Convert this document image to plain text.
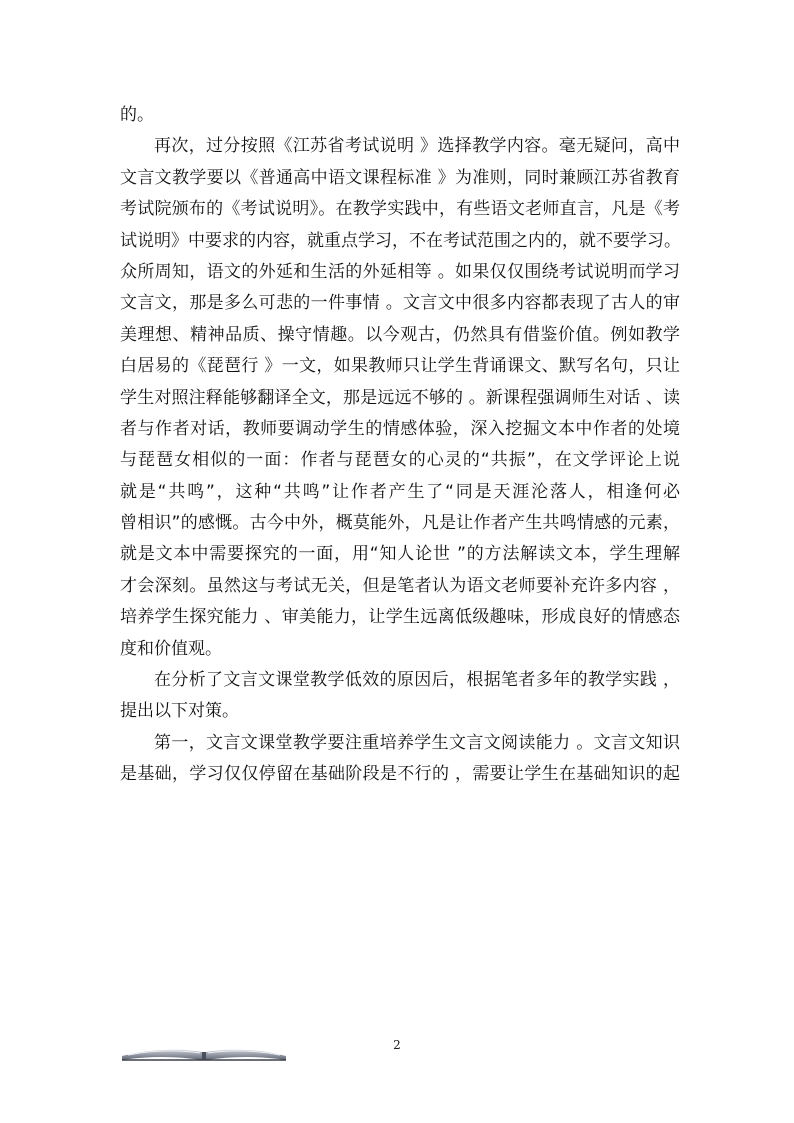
的。
再次，过分按照《江苏省考试说明 》选择教学内容。毫无疑问，高中
文言文教学要以《普通高中语文课程标准 》为准则，同时兼顾江苏省教育
考试院颁布的《考试说明》。在教学实践中，有些语文老师直言，凡是《考
试说明》中要求的内容，就重点学习，不在考试范围之内的，就不要学习。
众所周知，语文的外延和生活的外延相等 。如果仅仅围绕考试说明而学习
文言文，那是多么可悲的一件事情 。文言文中很多内容都表现了古人的审
美理想、精神品质、操守情趣。以今观古，仍然具有借鉴价值。例如教学
白居易的《琵琶行 》一文，如果教师只让学生背诵课文、默写名句，只让
学生对照注释能够翻译全文，那是远远不够的 。新课程强调师生对话 、读
者与作者对话，教师要调动学生的情感体验，深入挖掘文本中作者的处境
与琵琶女相似的一面：作者与琵琶女的心灵的“共振”，在文学评论上说
就是“共鸣”，这种“共鸣”让作者产生了“同是天涯沦落人，相逢何必
曾相识”的感慨。古今中外，概莫能外，凡是让作者产生共鸣情感的元素，
就是文本中需要探究的一面，用“知人论世 ”的方法解读文本，学生理解
才会深刻。虽然这与考试无关，但是笔者认为语文老师要补充许多内容 ，
培养学生探究能力 、审美能力，让学生远离低级趣味，形成良好的情感态
度和价值观。
在分析了文言文课堂教学低效的原因后，根据笔者多年的教学实践 ，
提出以下对策。
第一，文言文课堂教学要注重培养学生文言文阅读能力 。文言文知识
是基础，学习仅仅停留在基础阶段是不行的 ，需要让学生在基础知识的起
2
